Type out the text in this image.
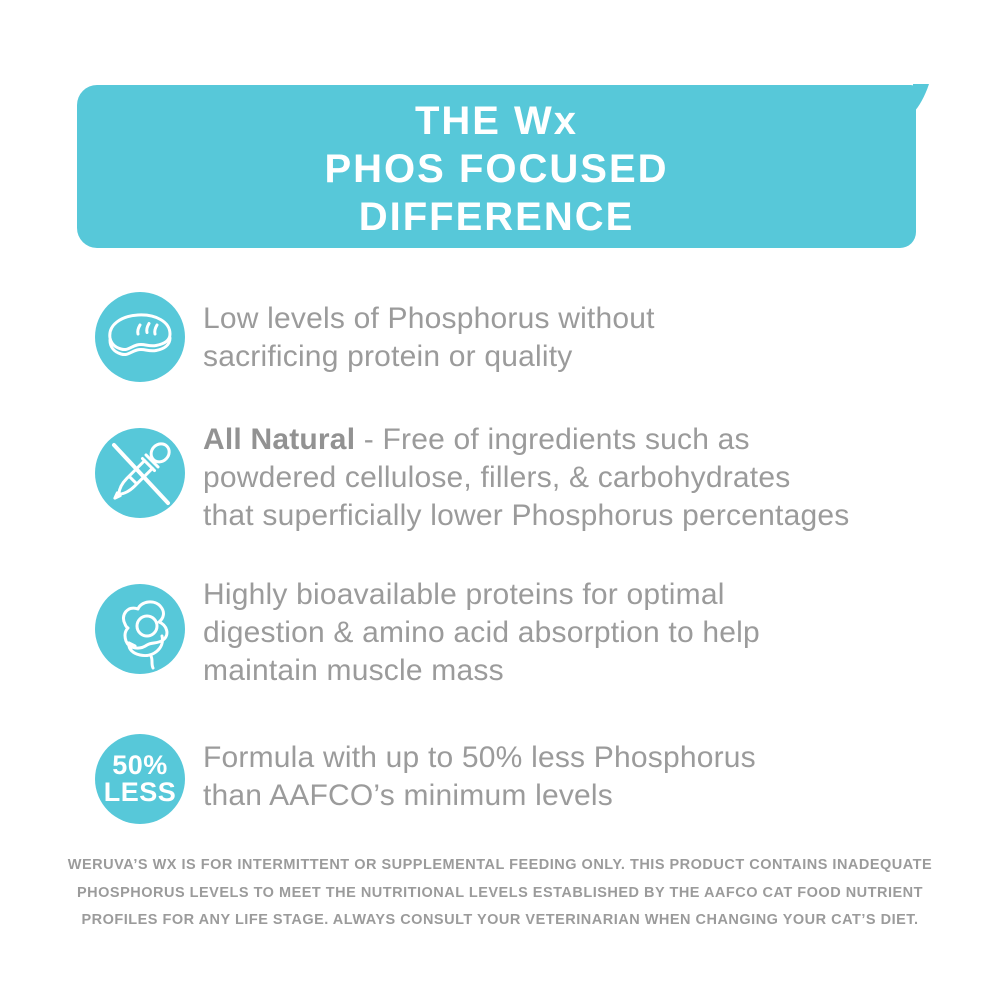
THE Wx
PHOS FOCUSED
DIFFERENCE
Low levels of Phosphorus without
sacrificing protein or quality
All Natural - Free of ingredients such as
powdered cellulose, fillers, & carbohydrates
that superficially lower Phosphorus percentages
Highly bioavailable proteins for optimal
digestion & amino acid absorption to help
maintain muscle mass
50%
LESS
Formula with up to 50% less Phosphorus
than AAFCO’s minimum levels
WERUVA’S WX IS FOR INTERMITTENT OR SUPPLEMENTAL FEEDING ONLY. THIS PRODUCT CONTAINS INADEQUATE
PHOSPHORUS LEVELS TO MEET THE NUTRITIONAL LEVELS ESTABLISHED BY THE AAFCO CAT FOOD NUTRIENT
PROFILES FOR ANY LIFE STAGE. ALWAYS CONSULT YOUR VETERINARIAN WHEN CHANGING YOUR CAT’S DIET.
